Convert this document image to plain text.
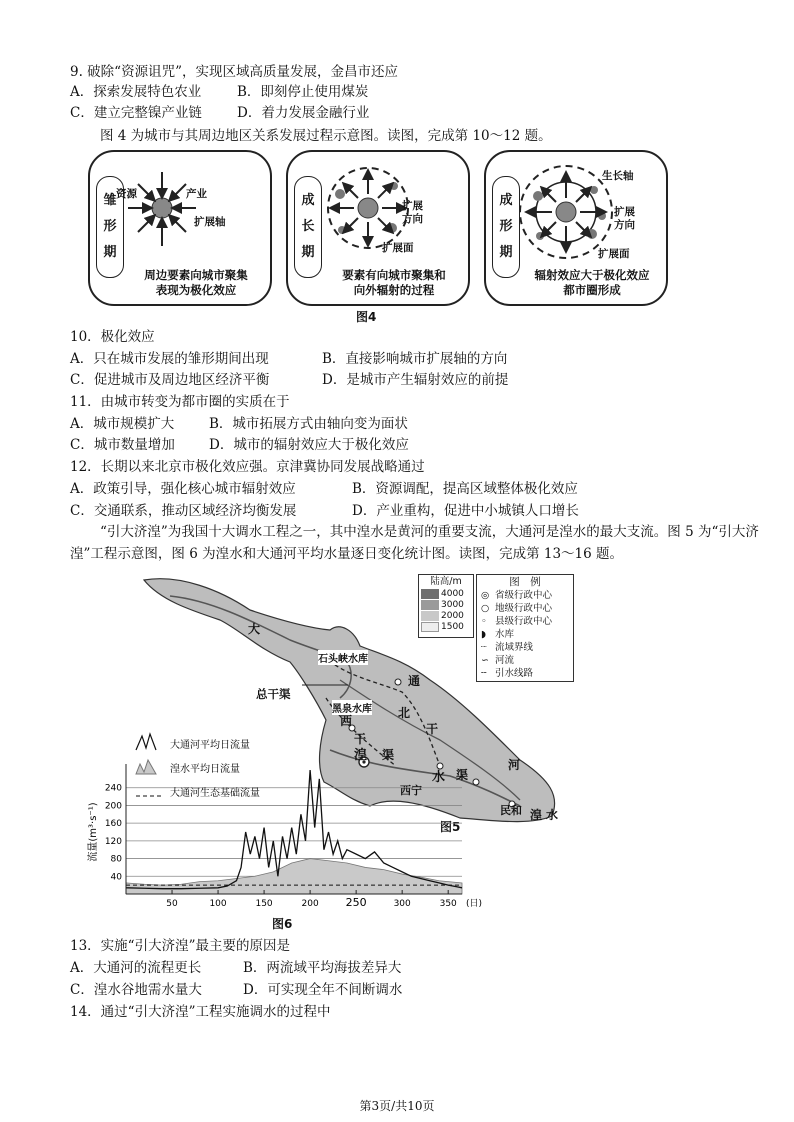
9. 破除“资源诅咒”，实现区域高质量发展，金昌市还应
A．探索发展特色农业	B．即刻停止使用煤炭
C．建立完整镍产业链	D．着力发展金融行业
图 4 为城市与其周边地区关系发展过程示意图。读图，完成第 10～12 题。
雏
形
期
资源	产业
扩展轴
周边要素向城市聚集
表现为极化效应
成
长
期
扩展
方向
扩展面
要素有向城市聚集和
向外辐射的过程
成
形
期
生长轴
扩展
方向
扩展面
辐射效应大于极化效应
都市圈形成
图4
10．极化效应
A．只在城市发展的雏形期间出现	B．直接影响城市扩展轴的方向
C．促进城市及周边地区经济平衡	D．是城市产生辐射效应的前提
11．由城市转变为都市圈的实质在于
A．城市规模扩大	B．城市拓展方式由轴向变为面状
C．城市数量增加	D．城市的辐射效应大于极化效应
12．长期以来北京市极化效应强。京津冀协同发展战略通过
A．政策引导，强化核心城市辐射效应	B．资源调配，提高区域整体极化效应
C．交通联系，推动区域经济均衡发展	D．产业重构，促进中小城镇人口增长
“引大济湟”为我国十大调水工程之一，其中湟水是黄河的重要支流，大通河是湟水的最大支流。图 5 为“引大济湟”工程示意图，图 6 为湟水和大通河平均水量逐日变化统计图。读图，完成第 13～16 题。
大
通
河
石头峡水库
黑泉水库
总干渠
西
干
渠
北
干
渠
湟
水
西宁
民和 湟 水
图5
陆高/m
4000
3000
2000
1500
图　例
◎ 省级行政中心
○ 地级行政中心
◦ 县级行政中心
◗ 水库
┈ 流域界线
∽ 河流
╌ 引水线路
40
80
120
160
200
240
50	100	150	200 250	300	350 (日)
流量(m³·s⁻¹)
大通河平均日流量
湟水平均日流量
大通河生态基础流量
图6
13．实施“引大济湟”最主要的原因是
A．大通河的流程更长	B．两流域平均海拔差异大
C．湟水谷地需水量大	D．可实现全年不间断调水
14．通过“引大济湟”工程实施调水的过程中
第3页/共10页
